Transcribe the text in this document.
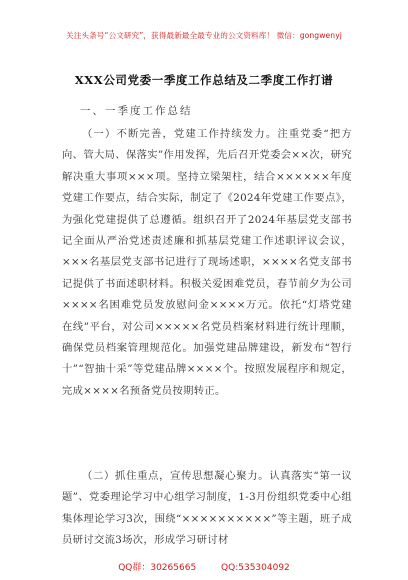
关注头条号“公文研究”，获得最新最全最专业的公文资料库！ 微信：gongwenyj
XXX公司党委一季度工作总结及二季度工作打谱
一、一季度工作总结
（一）不断完善，党建工作持续发力。注重党委“把方向、管大局、保落实”作用发挥，先后召开党委会××次，研究解决重大事项×××项。坚持立梁架柱，结合××××××年度党建工作要点，结合实际，制定了《2024年党建工作要点》，为强化党建提供了总遵循。组织召开了2024年基层党支部书记全面从严治党述责述廉和抓基层党建工作述职评议会议，×××名基层党支部书记进行了现场述职，××××名党支部书记提供了书面述职材料。积极关爱困难党员，春节前夕为公司××××名困难党员发放慰问金××××万元。依托“灯塔党建在线”平台，对公司×××××名党员档案材料进行统计理顺，确保党员档案管理规范化。加强党建品牌建设，新发布“智行十”“智抽十采”等党建品牌××××个。按照发展程序和规定，完成××××名预备党员按期转正。
（二）抓住重点，宣传思想凝心聚力。认真落实“第一议题”、党委理论学习中心组学习制度，1-3月份组织党委中心组集体理论学习3次，围绕“××××××××××”等主题，班子成员研讨交流3场次，形成学习研讨材
QQ群：30265665	QQ:535304092
